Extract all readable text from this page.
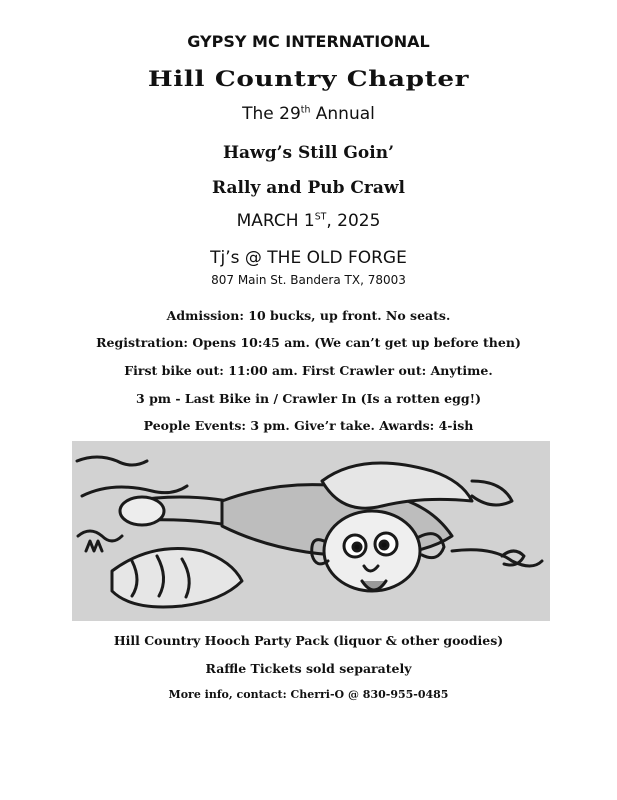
GYPSY MC INTERNATIONAL
Hill Country Chapter
The 29th Annual
Hawg’s Still Goin’
Rally and Pub Crawl
MARCH 1ST, 2025
Tj’s @ THE OLD FORGE
807 Main St. Bandera TX, 78003
Admission: 10 bucks, up front. No seats.
Registration: Opens 10:45 am. (We can’t get up before then)
First bike out: 11:00 am. First Crawler out: Anytime.
3 pm - Last Bike in / Crawler In (Is a rotten egg!)
People Events: 3 pm. Give’r take. Awards: 4-ish
Hill Country Hooch Party Pack (liquor & other goodies)
Raffle Tickets sold separately
More info, contact: Cherri-O @ 830-955-0485
